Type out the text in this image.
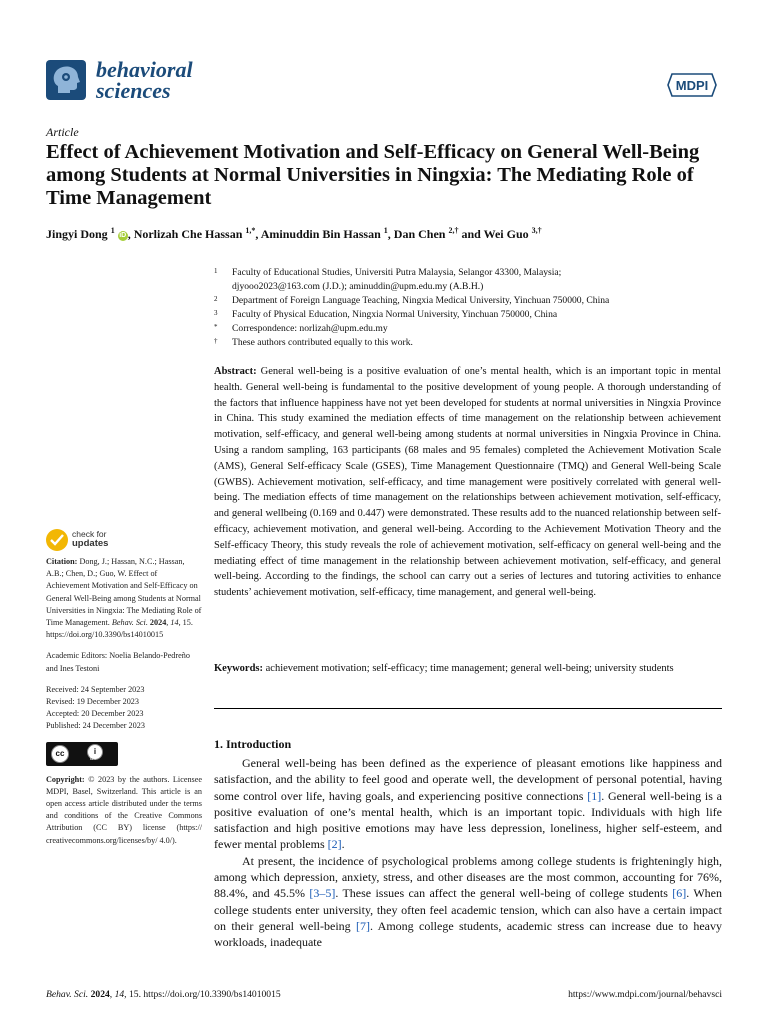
behavioral
sciences	MDPI
Article
Effect of Achievement Motivation and Self-Efficacy on General Well-Being among Students at Normal Universities in Ningxia: The Mediating Role of Time Management
Jingyi Dong $^1$ iD , Norlizah Che Hassan $^{1,*}$, Aminuddin Bin Hassan $^1$, Dan Chen $^{2,\dagger}$ and Wei Guo $^{3,\dagger}$
1 Faculty of Educational Studies, Universiti Putra Malaysia, Selangor 43300, Malaysia;
djyooo2023@163.com (J.D.); aminuddin@upm.edu.my (A.B.H.)
2 Department of Foreign Language Teaching, Ningxia Medical University, Yinchuan 750000, China
3 Faculty of Physical Education, Ningxia Normal University, Yinchuan 750000, China
* Correspondence: norlizah@upm.edu.my
† These authors contributed equally to this work.
Abstract: General well-being is a positive evaluation of one’s mental health, which is an important topic in mental health. General well-being is fundamental to the positive development of young people. A thorough understanding of the factors that influence happiness have not yet been developed for students at normal universities in Ningxia Province in China. This study examined the mediation effects of time management on the relationship between achievement motivation, self-efficacy, and general well-being among students at normal universities in Ningxia Province in China. Using a random sampling, 163 participants (68 males and 95 females) completed the Achievement Motivation Scale (AMS), General Self-efficacy Scale (GSES), Time Management Questionnaire (TMQ) and General Well-being Scale (GWBS). Achievement motivation, self-efficacy, and time management were positively correlated with general well-being. The mediation effects of time management on the relationships between achievement motivation, self-efficacy, and general wellbeing (0.169 and 0.447) were demonstrated. These results add to the nuanced relationship between self-efficacy, achievement motivation, and general well-being. According to the Achievement Motivation Theory and the Self-efficacy Theory, this study reveals the role of achievement motivation, self-efficacy on general well-being and the mediating effect of time management in the relationship between achievement motivation, self-efficacy, and general well-being. According to the findings, the school can carry out a series of lectures and tutoring activities to enhance students’ achievement motivation, self-efficacy, time management, and general well-being.
Keywords: achievement motivation; self-efficacy; time management; general well-being; university students
check for
updates
Citation: Dong, J.; Hassan, N.C.; Hassan, A.B.; Chen, D.; Guo, W. Effect of Achievement Motivation and Self-Efficacy on General Well-Being among Students at Normal Universities in Ningxia: The Mediating Role of Time Management. Behav. Sci. 2024, 14, 15. https://doi.org/10.3390/bs14010015
Academic Editors: Noelia Belando-Pedreño and Ines Testoni
Received: 24 September 2023
Revised: 19 December 2023
Accepted: 20 December 2023
Published: 24 December 2023
cc	i
BY
Copyright: © 2023 by the authors. Licensee MDPI, Basel, Switzerland. This article is an open access article distributed under the terms and conditions of the Creative Commons Attribution (CC BY) license (https:// creativecommons.org/licenses/by/ 4.0/).
1. Introduction

General well-being has been defined as the experience of pleasant emotions like happiness and satisfaction, and the ability to feel good and operate well, the development of personal potential, having some control over life, having goals, and experiencing positive connections [1]. General well-being is a positive evaluation of one’s mental health, which is an important topic. Individuals with high life satisfaction and high positive emotions may have less depression, loneliness, higher self-esteem, and fewer mental problems [2].

At present, the incidence of psychological problems among college students is frighteningly high, among which depression, anxiety, stress, and other diseases are the most common, accounting for 76%, 88.4%, and 45.5% [3–5]. These issues can affect the general well-being of college students [6]. When college students enter university, they often feel academic tension, which can also have a certain impact on their general well-being [7]. Among college students, academic stress can increase due to heavy workloads, inadequate

Behav. Sci. 2024, 14, 15. https://doi.org/10.3390/bs14010015	https://www.mdpi.com/journal/behavsci
